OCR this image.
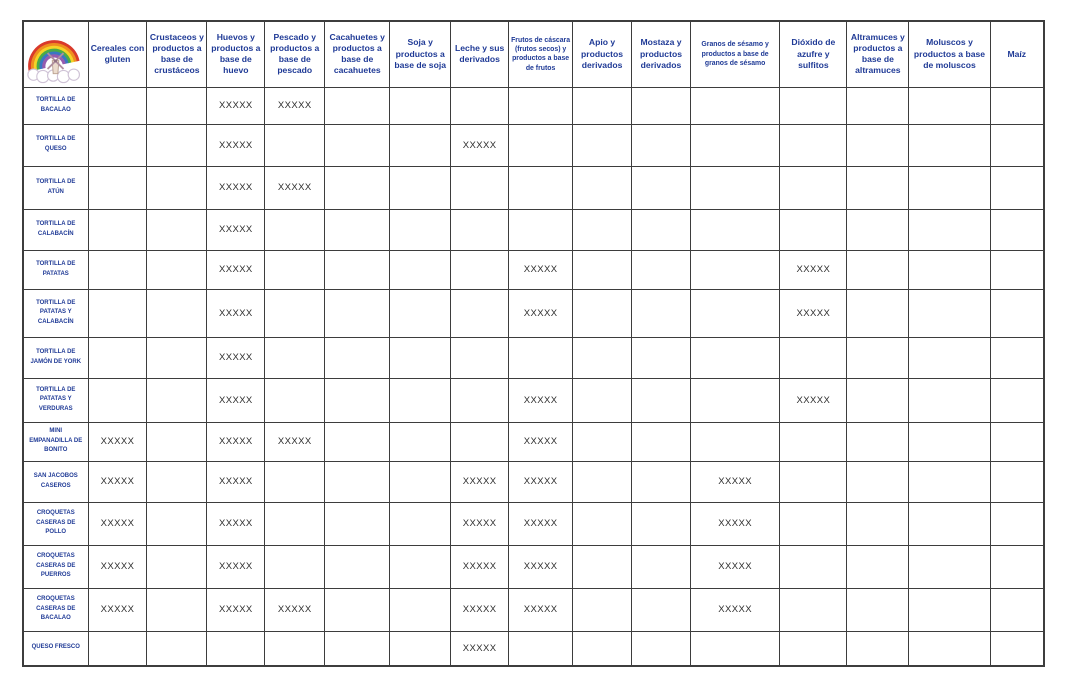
	Cereales con gluten	Crustaceos y productos a base de crustáceos	Huevos y productos a base de huevo	Pescado y productos a base de pescado	Cacahuetes y productos a base de cacahuetes	Soja y productos a base de soja	Leche y sus derivados	Frutos de cáscara (frutos secos) y productos a base de frutos	Apio y productos derivados	Mostaza y productos derivados	Granos de sésamo y productos a base de granos de sésamo	Dióxido de azufre y sulfitos	Altramuces y productos a base de altramuces	Moluscos y productos a base de moluscos	Maíz
TORTILLA DE BACALAO			XXXXX	XXXXX											
TORTILLA DE QUESO			XXXXX				XXXXX								
TORTILLA DE ATÚN			XXXXX	XXXXX											
TORTILLA DE CALABACÍN			XXXXX												
TORTILLA DE PATATAS			XXXXX					XXXXX				XXXXX			
TORTILLA DE PATATAS Y CALABACÍN			XXXXX					XXXXX				XXXXX			
TORTILLA DE JAMÓN DE YORK			XXXXX												
TORTILLA DE PATATAS Y VERDURAS			XXXXX					XXXXX				XXXXX			
MINI EMPANADILLA DE BONITO	XXXXX		XXXXX	XXXXX				XXXXX							
SAN JACOBOS CASEROS	XXXXX		XXXXX				XXXXX	XXXXX			XXXXX				
CROQUETAS CASERAS DE POLLO	XXXXX		XXXXX				XXXXX	XXXXX			XXXXX				
CROQUETAS CASERAS DE PUERROS	XXXXX		XXXXX				XXXXX	XXXXX			XXXXX				
CROQUETAS CASERAS DE BACALAO	XXXXX		XXXXX	XXXXX			XXXXX	XXXXX			XXXXX				
QUESO FRESCO							XXXXX								
